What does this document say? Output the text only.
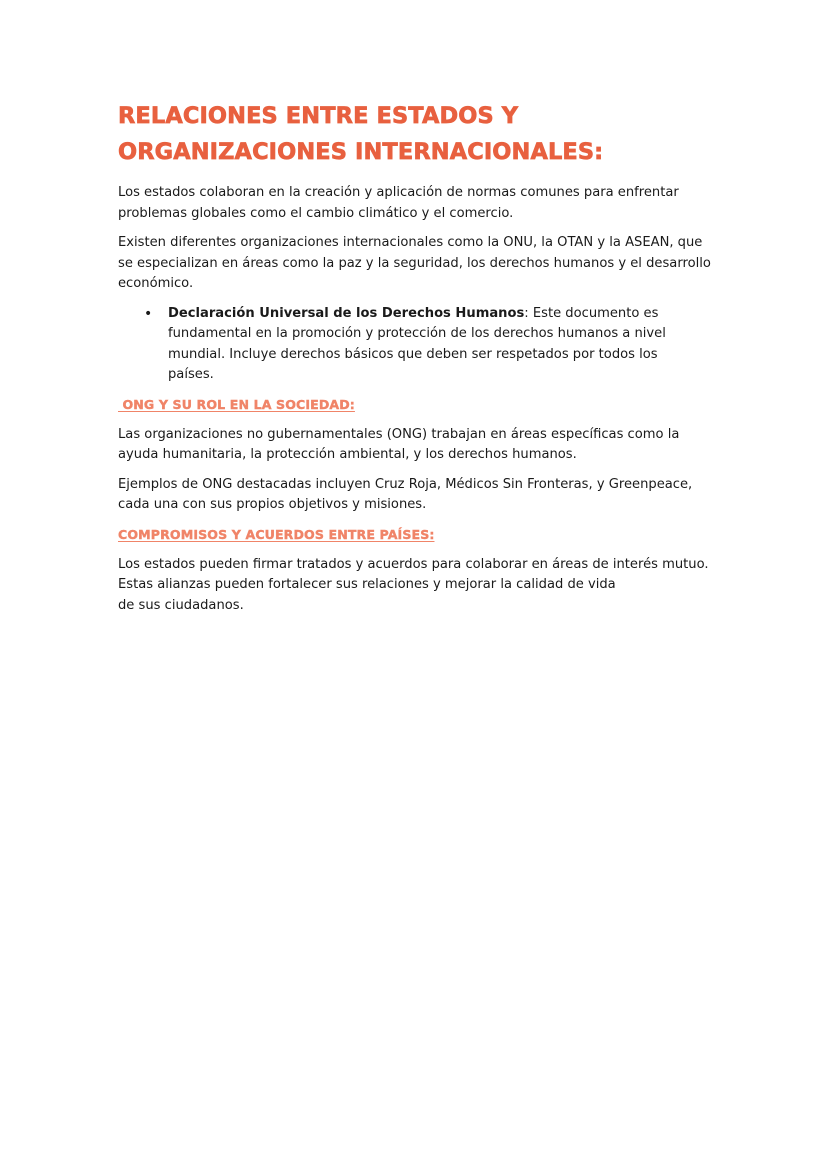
RELACIONES ENTRE ESTADOS Y
ORGANIZACIONES INTERNACIONALES:

Los estados colaboran en la creación y aplicación de normas comunes para enfrentar
problemas globales como el cambio climático y el comercio.

Existen diferentes organizaciones internacionales como la ONU, la OTAN y la ASEAN, que
se especializan en áreas como la paz y la seguridad, los derechos humanos y el desarrollo
económico.

• Declaración Universal de los Derechos Humanos: Este documento es
fundamental en la promoción y protección de los derechos humanos a nivel
mundial. Incluye derechos básicos que deben ser respetados por todos los
países.
ONG Y SU ROL EN LA SOCIEDAD:

Las organizaciones no gubernamentales (ONG) trabajan en áreas específicas como la
ayuda humanitaria, la protección ambiental, y los derechos humanos.

Ejemplos de ONG destacadas incluyen Cruz Roja, Médicos Sin Fronteras, y Greenpeace,
cada una con sus propios objetivos y misiones.

COMPROMISOS Y ACUERDOS ENTRE PAÍSES:

Los estados pueden firmar tratados y acuerdos para colaborar en áreas de interés mutuo.
Estas alianzas pueden fortalecer sus relaciones y mejorar la calidad de vida
de sus ciudadanos.
